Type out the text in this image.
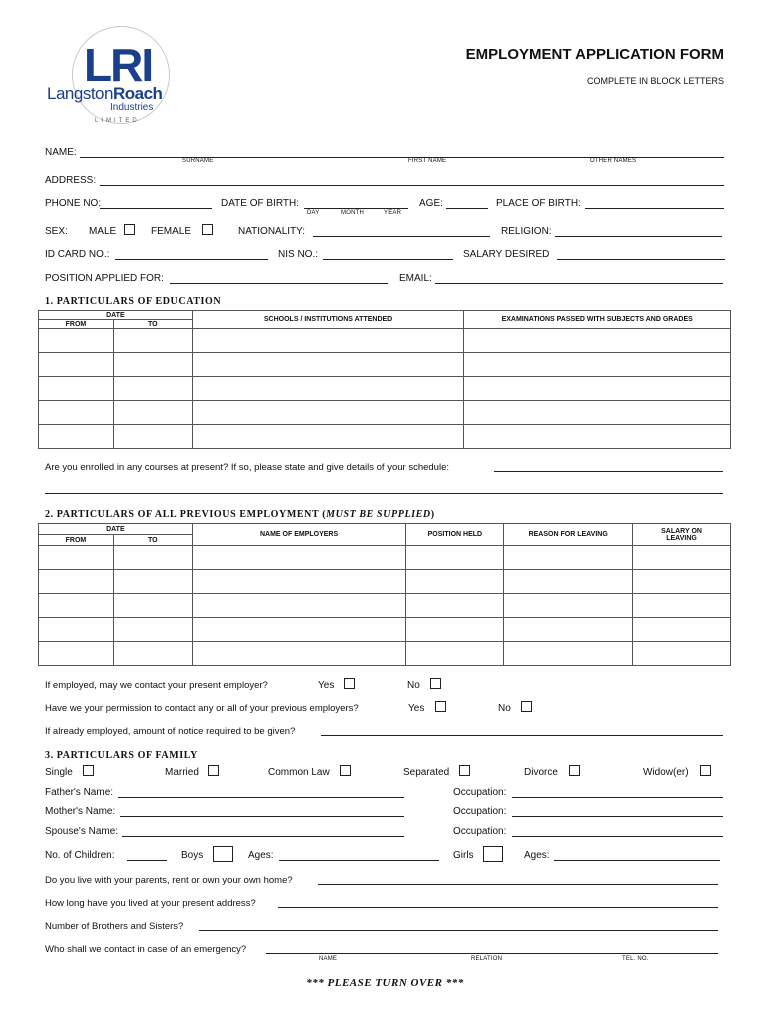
LRI
LangstonRoach
Industries
LIMITED
EMPLOYMENT APPLICATION FORM
COMPLETE IN BLOCK LETTERS
NAME:
SURNAME	FIRST NAME	OTHER NAMES
ADDRESS:
PHONE NO:	DATE OF BIRTH:
DAY	MONTH	YEAR
AGE:	PLACE OF BIRTH:
SEX: MALE	FEMALE	NATIONALITY:	RELIGION:
ID CARD NO.:	NIS NO.:	SALARY DESIRED
POSITION APPLIED FOR:	EMAIL:
1. PARTICULARS OF EDUCATION
DATE		SCHOOLS / INSTITUTIONS ATTENDED	EXAMINATIONS PASSED WITH SUBJECTS AND GRADES
FROM	TO		

Are you enrolled in any courses at present? If so, please state and give details of your schedule:
2. PARTICULARS OF ALL PREVIOUS EMPLOYMENT (MUST BE SUPPLIED)
DATE		NAME OF EMPLOYERS	POSITION HELD	REASON FOR LEAVING	SALARY ON
LEAVING
FROM	TO				

If employed, may we contact your present employer?	Yes	No
Have we your permission to contact any or all of your previous employers?	Yes	No
If already employed, amount of notice required to be given?
3. PARTICULARS OF FAMILY
Single	Married	Common Law	Separated	Divorce	Widow(er)
Father's Name:	Occupation:
Mother's Name:	Occupation:
Spouse's Name:	Occupation:
No. of Children:	Boys	Ages:	Girls	Ages:
Do you live with your parents, rent or own your own home?
How long have you lived at your present address?
Number of Brothers and Sisters?
Who shall we contact in case of an emergency?
NAME	RELATION	TEL. NO.
*** PLEASE TURN OVER ***
